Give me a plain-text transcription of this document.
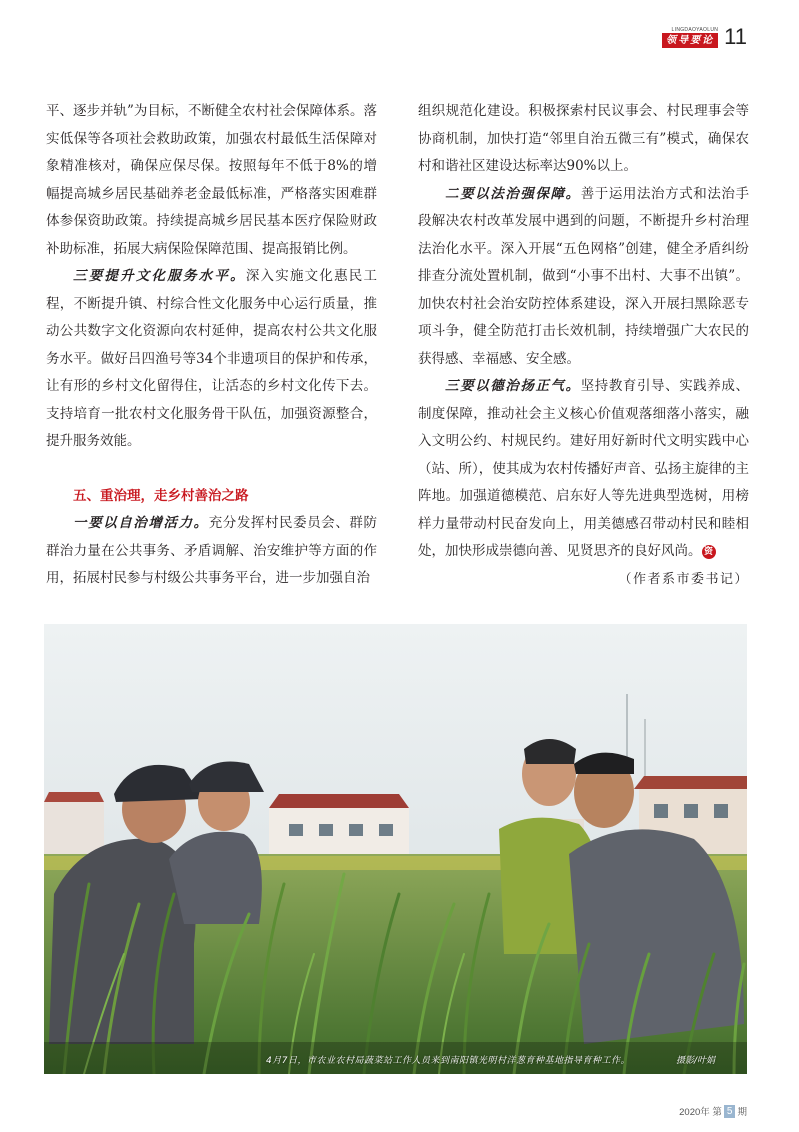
LINGDAOYAOLUN
领导要论 11

平、逐步并轨”为目标，不断健全农村社会保障体系。落实低保等各项社会救助政策，加强农村最低生活保障对象精准核对，确保应保尽保。按照每年不低于8%的增幅提高城乡居民基础养老金最低标准，严格落实困难群体参保资助政策。持续提高城乡居民基本医疗保险财政补助标准，拓展大病保险保障范围、提高报销比例。

三要提升文化服务水平。深入实施文化惠民工程，不断提升镇、村综合性文化服务中心运行质量，推动公共数字文化资源向农村延伸，提高农村公共文化服务水平。做好吕四渔号等34个非遗项目的保护和传承，让有形的乡村文化留得住，让活态的乡村文化传下去。支持培育一批农村文化服务骨干队伍，加强资源整合，提升服务效能。

五、重治理，走乡村善治之路

一要以自治增活力。充分发挥村民委员会、群防群治力量在公共事务、矛盾调解、治安维护等方面的作用，拓展村民参与村级公共事务平台，进一步加强自治

组织规范化建设。积极探索村民议事会、村民理事会等协商机制，加快打造“邻里自治五微三有”模式，确保农村和谐社区建设达标率达90%以上。

二要以法治强保障。善于运用法治方式和法治手段解决农村改革发展中遇到的问题，不断提升乡村治理法治化水平。深入开展“五色网格”创建，健全矛盾纠纷排查分流处置机制，做到“小事不出村、大事不出镇”。加快农村社会治安防控体系建设，深入开展扫黑除恶专项斗争，健全防范打击长效机制，持续增强广大农民的获得感、幸福感、安全感。

三要以德治扬正气。坚持教育引导、实践养成、制度保障，推动社会主义核心价值观落细落小落实，融入文明公约、村规民约。建好用好新时代文明实践中心（站、所），使其成为农村传播好声音、弘扬主旋律的主阵地。加强道德模范、启东好人等先进典型选树，用榜样力量带动村民奋发向上，用美德感召带动村民和睦相处，加快形成崇德向善、见贤思齐的良好风尚。 资

（作者系市委书记）

4月7日，市农业农村局蔬菜站工作人员来到南阳镇光明村洋葱育种基地指导育种工作。	摄影/叶娟
2020年 第 5 期
